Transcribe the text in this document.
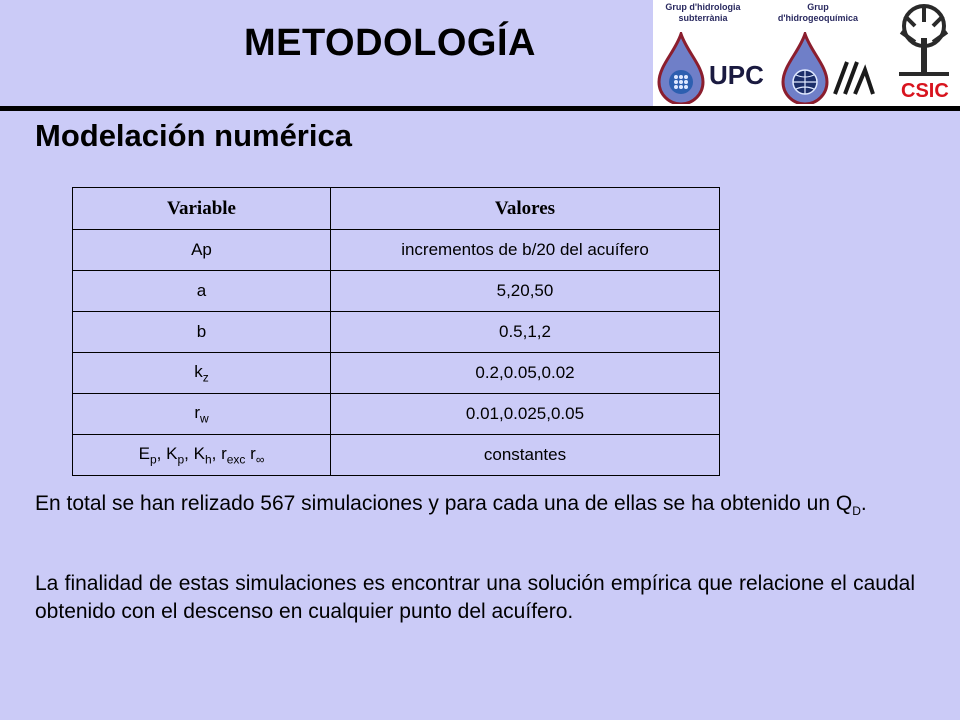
METODOLOGÍA
Grup d'hidrologia
subterrània
Grup
d'hidrogeoquímica
UPC
CSIC
Modelación numérica
Variable	Valores
Ap	incrementos de b/20 del acuífero
a	5,20,50
b	0.5,1,2
$k_z$	0.2,0.05,0.02
$r_w$	0.01,0.025,0.05
$E_p$, $K_p$, $K_h$, $r_{exc}$ $r_\infty$	constantes
En total se han relizado 567 simulaciones y para cada una de ellas se ha obtenido un $Q_D$.
La finalidad de estas simulaciones es encontrar una solución empírica que relacione el caudal obtenido con el descenso en cualquier punto del acuífero.
